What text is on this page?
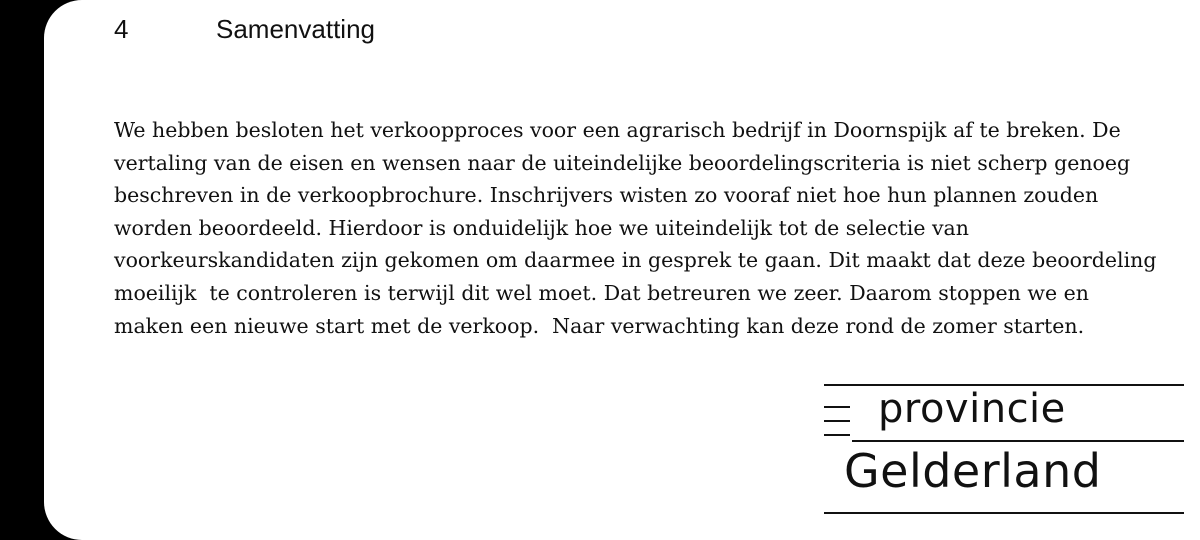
4	Samenvatting
We hebben besloten het verkoopproces voor een agrarisch bedrijf in Doornspijk af te breken. De
vertaling van de eisen en wensen naar de uiteindelijke beoordelingscriteria is niet scherp genoeg
beschreven in de verkoopbrochure. Inschrijvers wisten zo vooraf niet hoe hun plannen zouden
worden beoordeeld. Hierdoor is onduidelijk hoe we uiteindelijk tot de selectie van
voorkeurskandidaten zijn gekomen om daarmee in gesprek te gaan. Dit maakt dat deze beoordeling
moeilijk  te controleren is terwijl dit wel moet. Dat betreuren we zeer. Daarom stoppen we en
maken een nieuwe start met de verkoop.  Naar verwachting kan deze rond de zomer starten.
provincie
Gelderland
